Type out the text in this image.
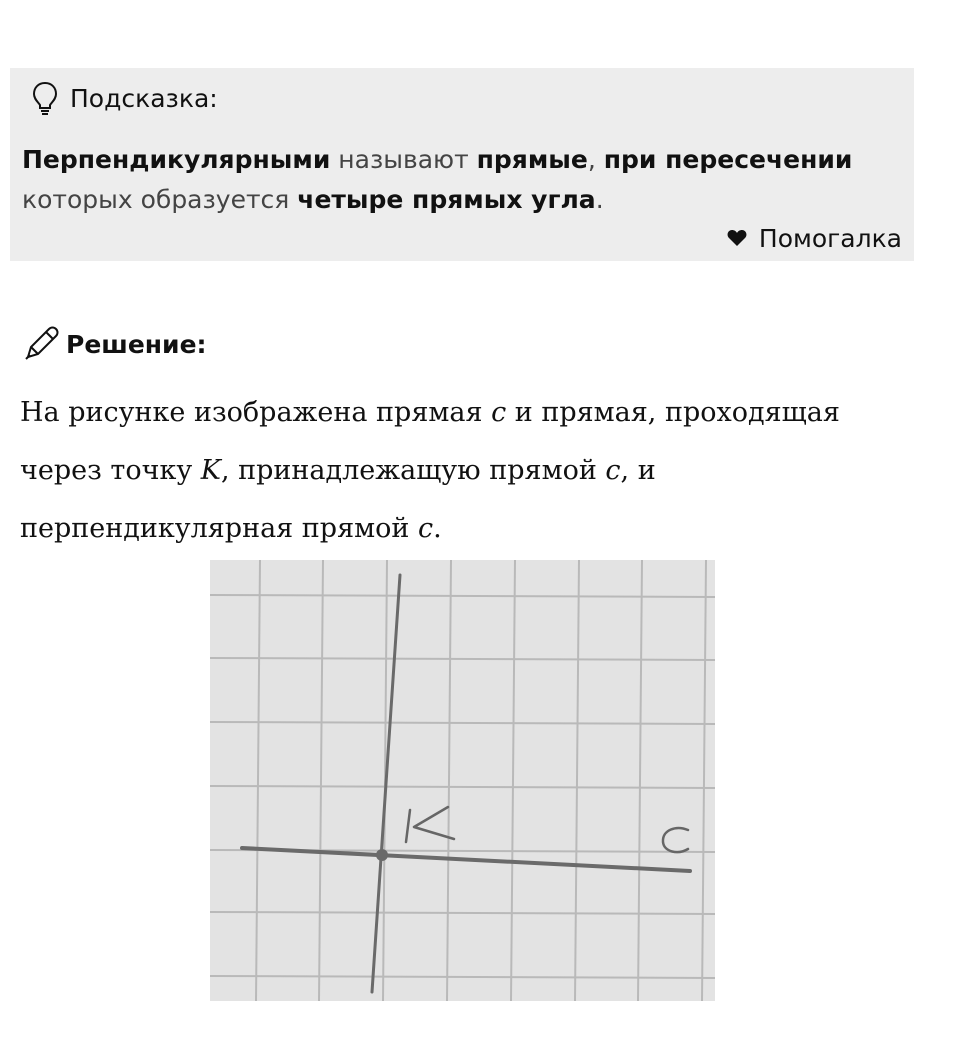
Подсказка:
Перпендикулярными называют прямые, при пересечении которых образуется четыре прямых угла.
Помогалка
Решение:
На рисунке изображена прямая c и прямая, проходящая
через точку K, принадлежащую прямой c, и
перпендикулярная прямой c.
